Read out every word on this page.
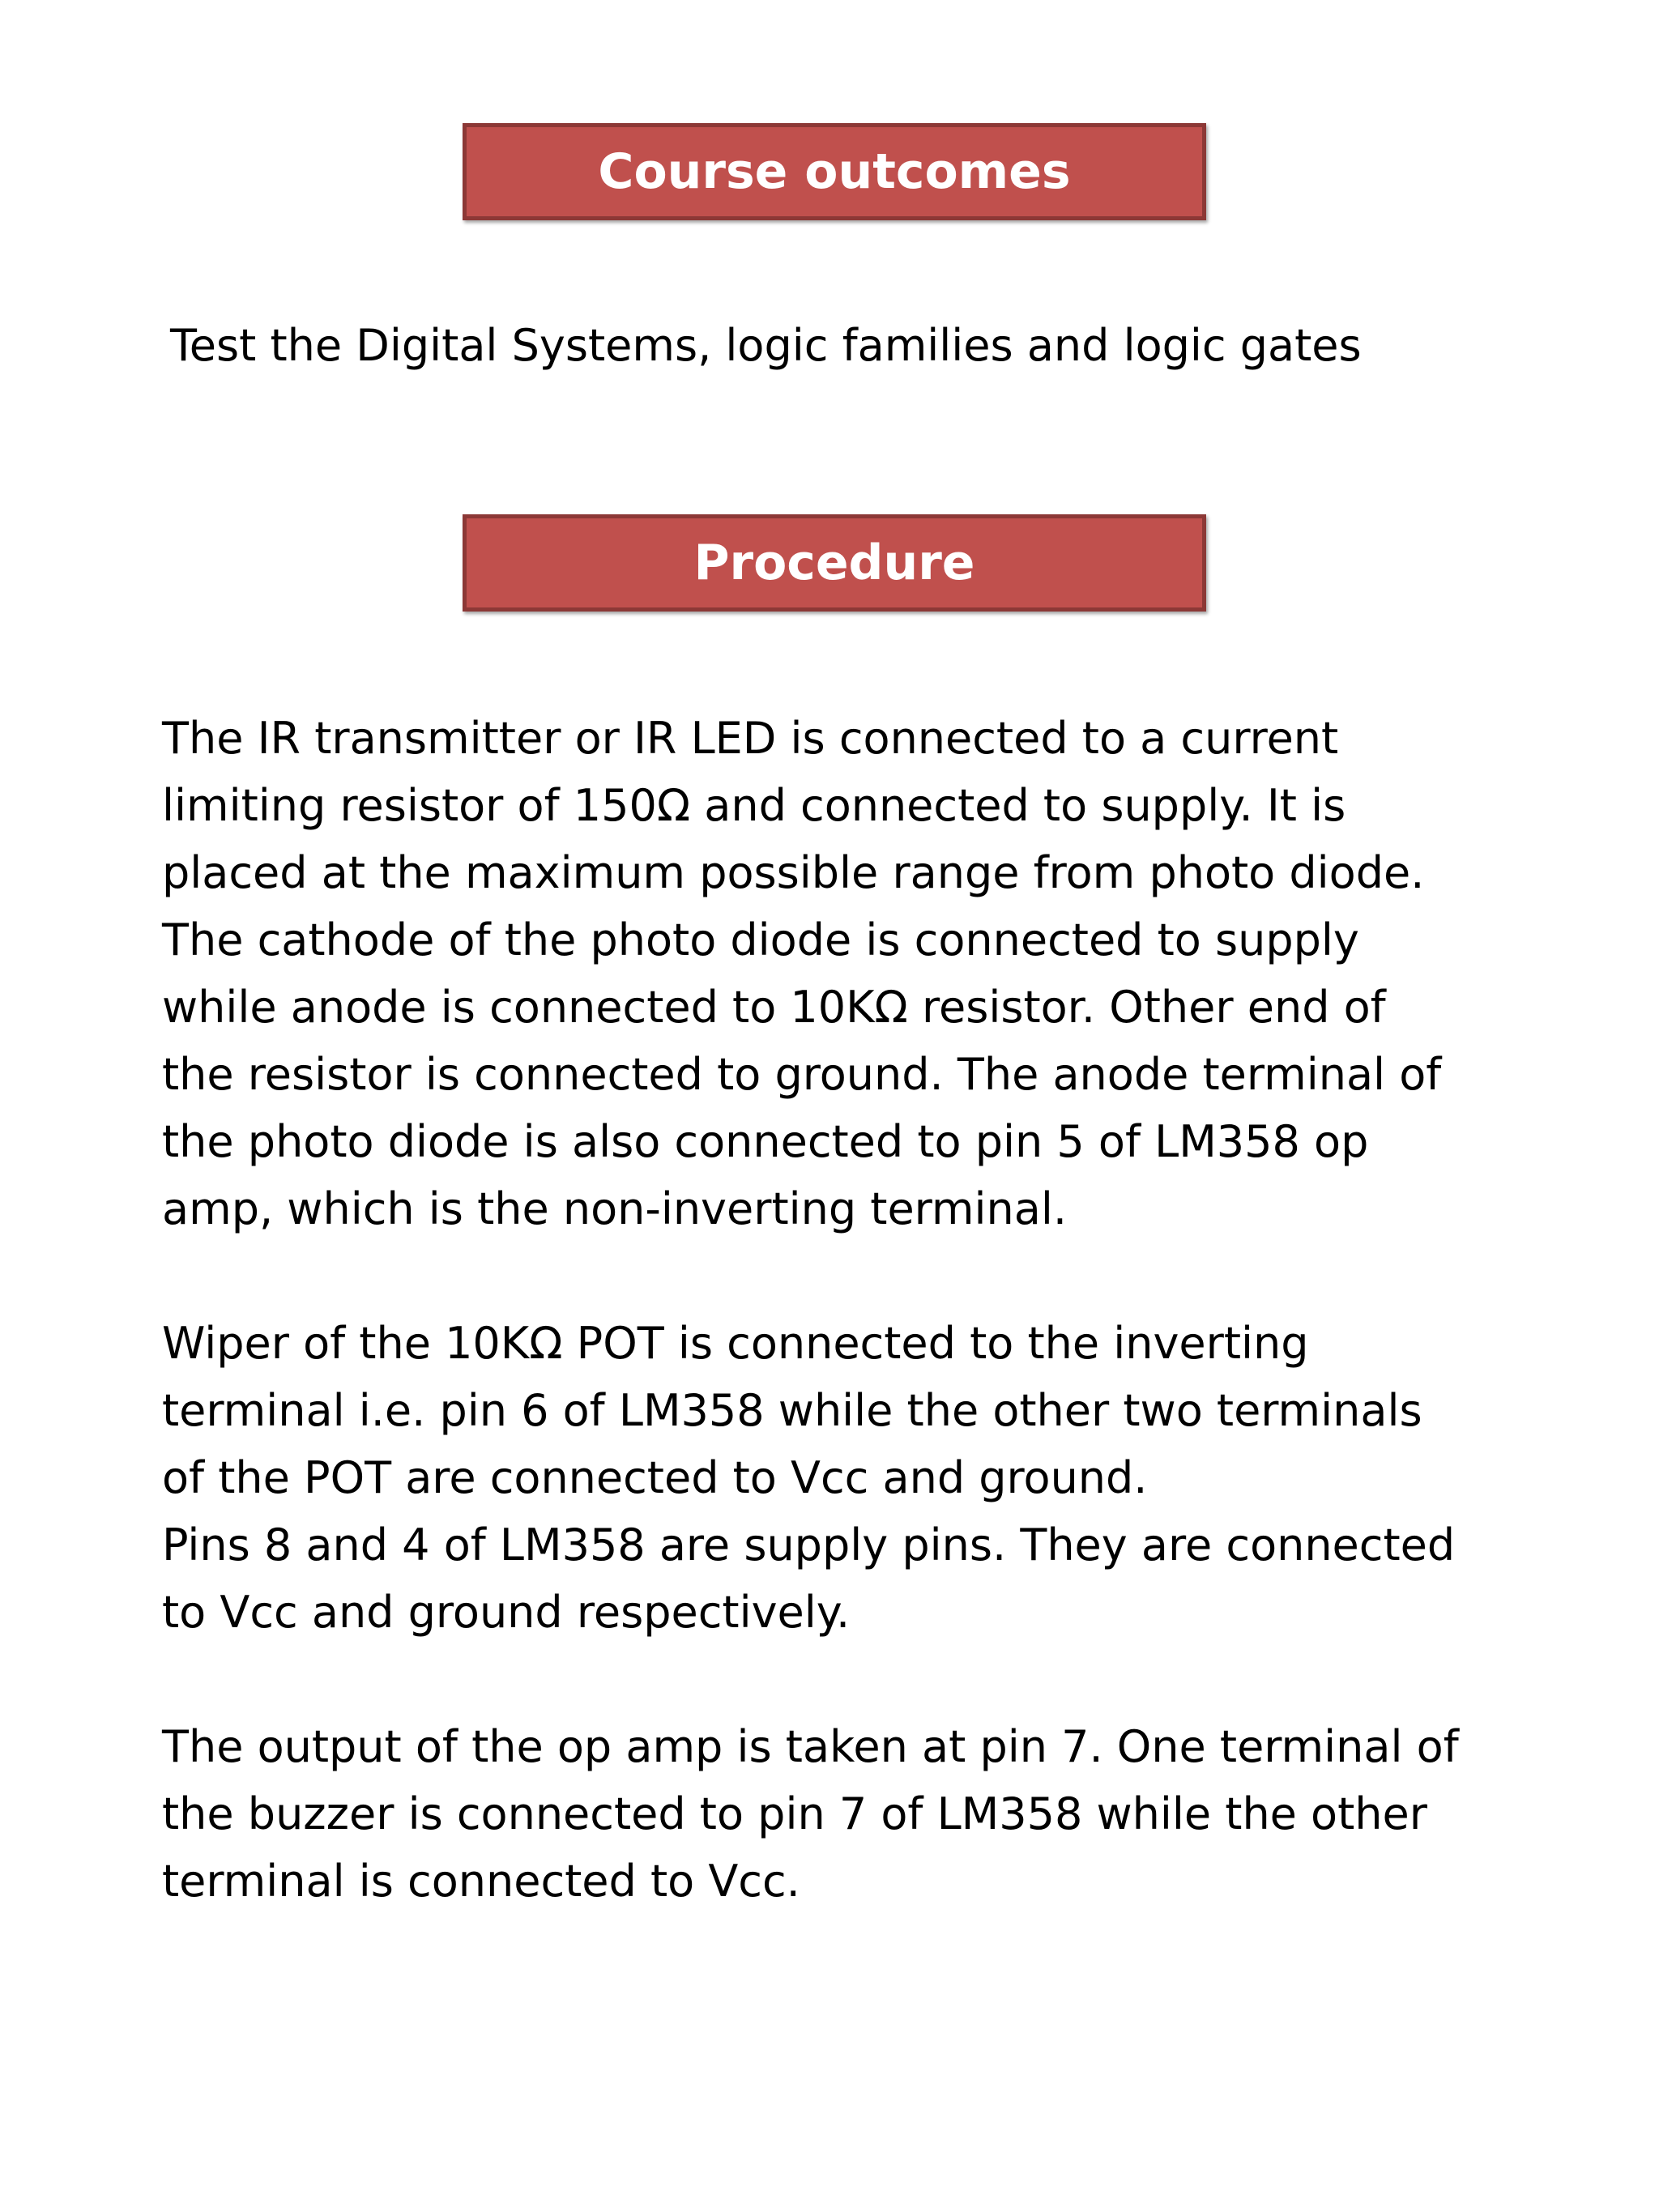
Course outcomes
Test the Digital Systems, logic families and logic gates
Procedure
The IR transmitter or IR LED is connected to a current
limiting resistor of 150Ω and connected to supply. It is
placed at the maximum possible range from photo diode.
The cathode of the photo diode is connected to supply
while anode is connected to 10KΩ resistor. Other end of
the resistor is connected to ground. The anode terminal of
the photo diode is also connected to pin 5 of LM358 op
amp, which is the non-inverting terminal.
Wiper of the 10KΩ POT is connected to the inverting
terminal i.e. pin 6 of LM358 while the other two terminals
of the POT are connected to Vcc and ground.
Pins 8 and 4 of LM358 are supply pins. They are connected
to Vcc and ground respectively.
The output of the op amp is taken at pin 7. One terminal of
the buzzer is connected to pin 7 of LM358 while the other
terminal is connected to Vcc.
